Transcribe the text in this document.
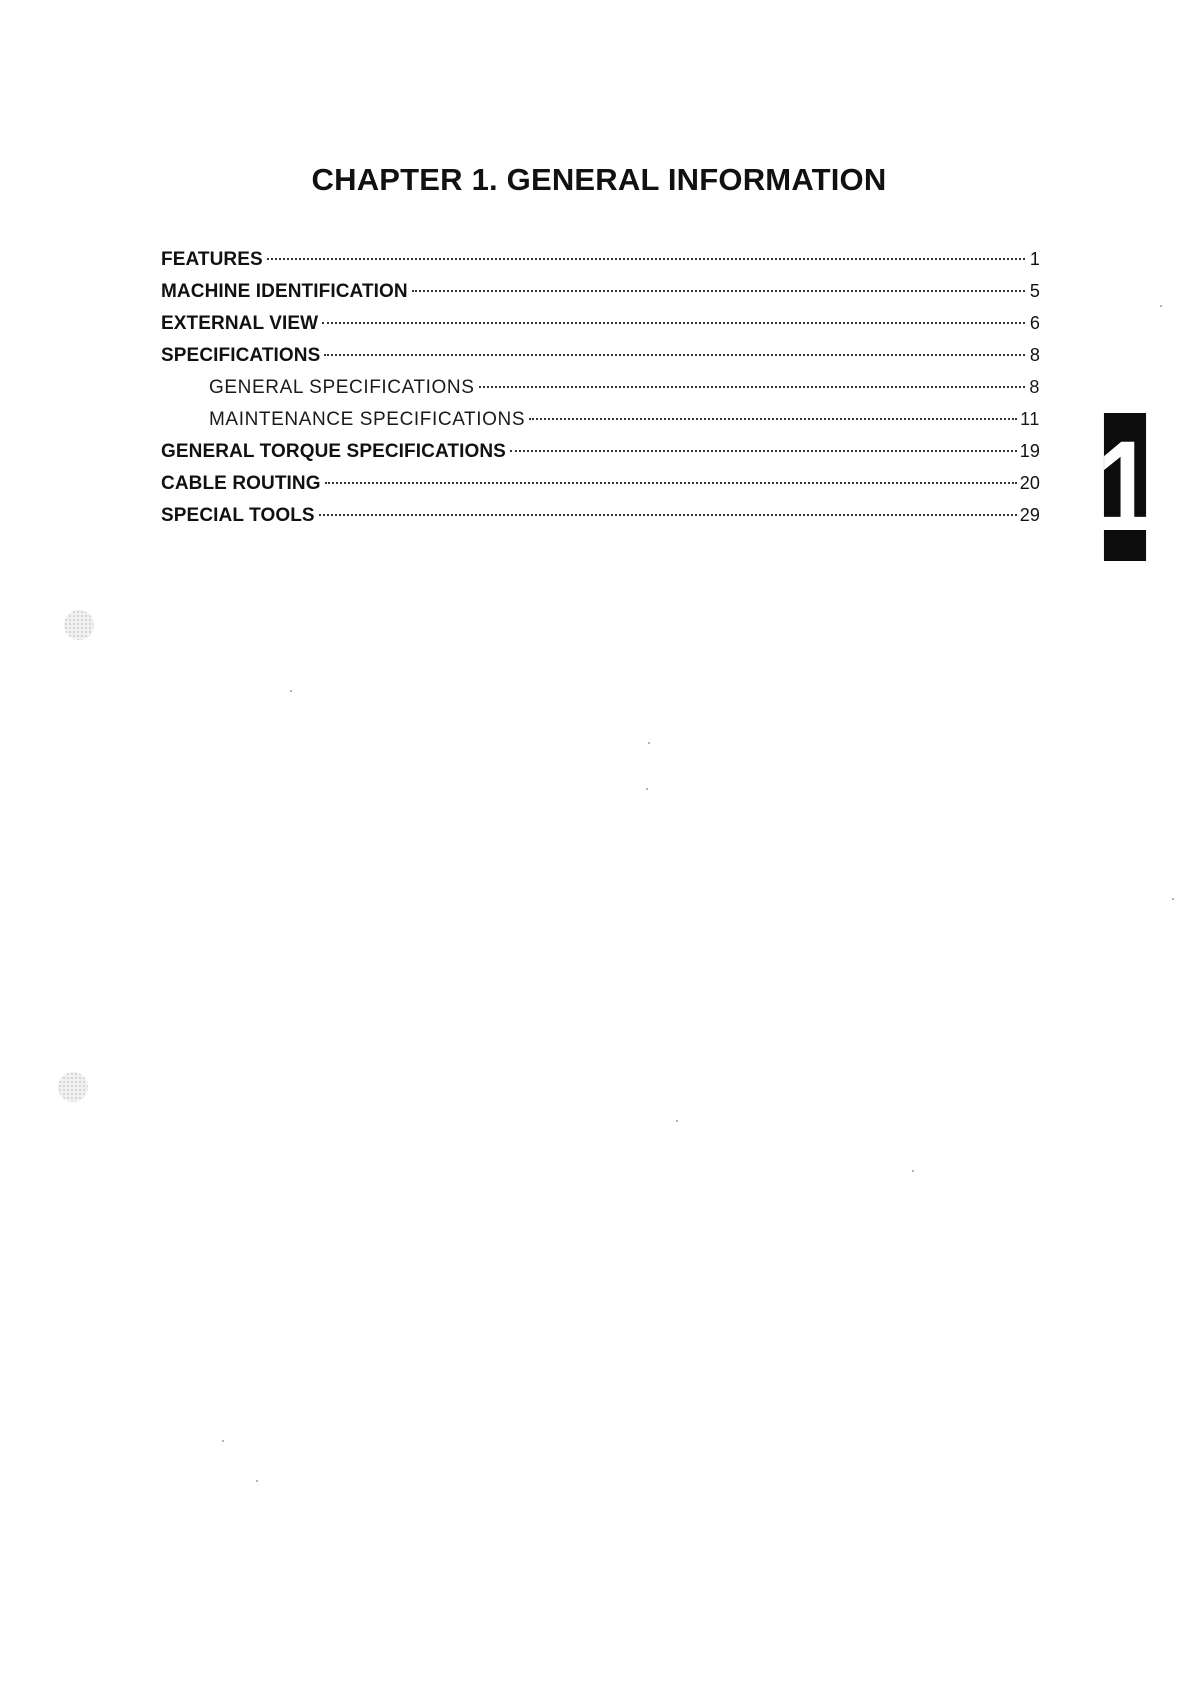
CHAPTER 1. GENERAL INFORMATION
FEATURES	1
MACHINE IDENTIFICATION	5
EXTERNAL VIEW	6
SPECIFICATIONS	8
GENERAL SPECIFICATIONS	8
MAINTENANCE SPECIFICATIONS	11
GENERAL TORQUE SPECIFICATIONS	19
CABLE ROUTING	20
SPECIAL TOOLS	29 1
